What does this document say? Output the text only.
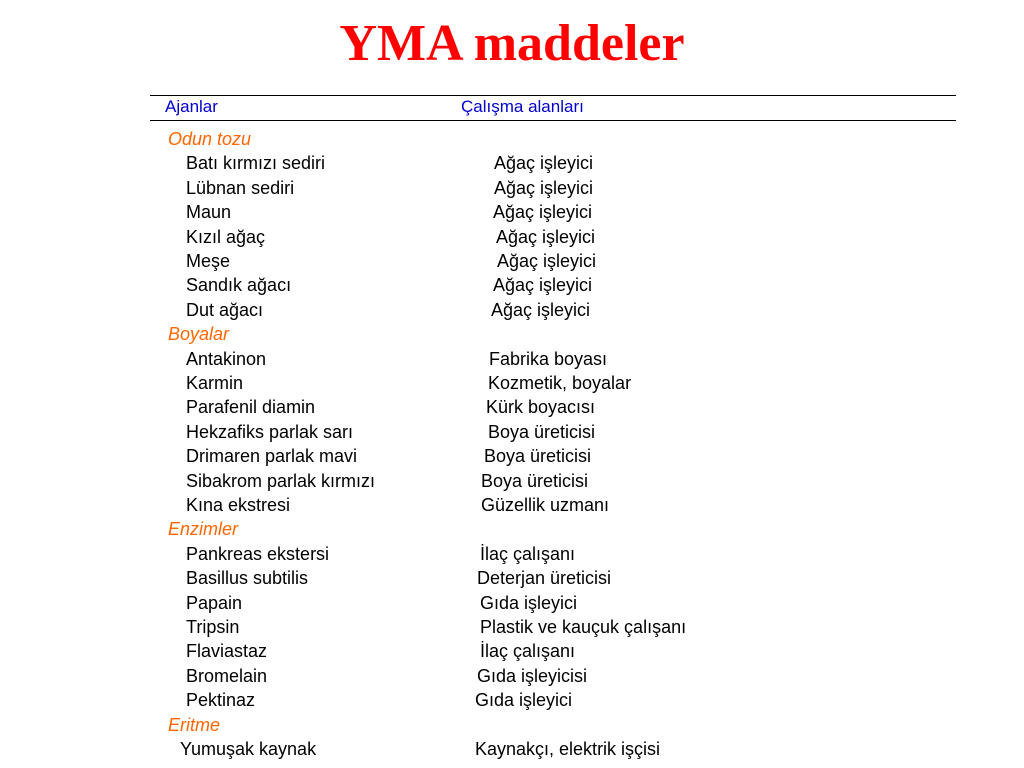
YMA maddeler
Ajanlar	Çalışma alanları
Odun tozu
Batı kırmızı sediri	Ağaç işleyici
Lübnan sediri	Ağaç işleyici
Maun	Ağaç işleyici
Kızıl ağaç	Ağaç işleyici
Meşe	Ağaç işleyici
Sandık ağacı	Ağaç işleyici
Dut ağacı	Ağaç işleyici
Boyalar
Antakinon	Fabrika boyası
Karmin	Kozmetik, boyalar
Parafenil diamin	Kürk boyacısı
Hekzafiks parlak sarı	Boya üreticisi
Drimaren parlak mavi	Boya üreticisi
Sibakrom parlak kırmızı	Boya üreticisi
Kına ekstresi	Güzellik uzmanı
Enzimler
Pankreas ekstersi	İlaç çalışanı
Basillus subtilis	Deterjan üreticisi
Papain	Gıda işleyici
Tripsin	Plastik ve kauçuk çalışanı
Flaviastaz	İlaç çalışanı
Bromelain	Gıda işleyicisi
Pektinaz	Gıda işleyici
Eritme
Yumuşak kaynak	Kaynakçı, elektrik işçisi
